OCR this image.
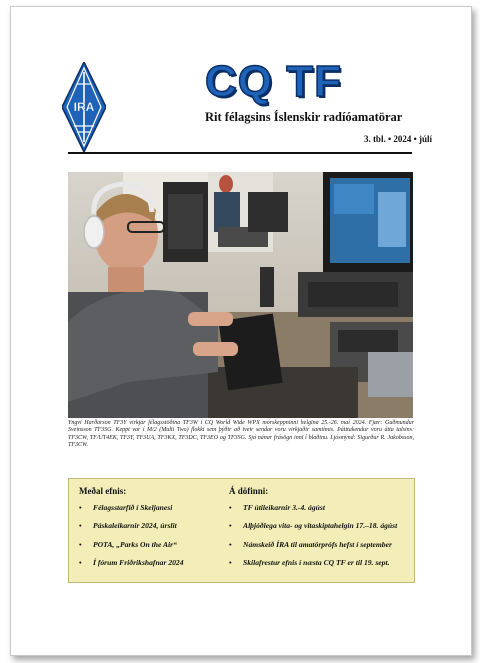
IRA
CQ TF
Rit félagsins Íslenskir radíóamatörar
3. tbl. • 2024 • júlí
Yngvi Harðarson TF3Y virkjar félagsstöðina TF3W í CQ World Wide WPX morskeppninni helgina 25.-26. maí 2024. Fjær: Guðmundur Sveinsson TF3SG. Keppt var í M/2 (Multi Two) flokki sem þýðir að tveir sendar voru virkjaðir samtímis. Þátttakendur voru átta talsins: TF3CW, TF/UT4EK, TF3Y, TF3UA, TF3KX, TF3DC, TF3EO og TF3SG. Sjá nánar frásögn inni í blaðinu. Ljósmynd: Sigurður R. Jakobsson, TF3CW.
Meðal efnis:
• Félagsstarfið í Skeljanesi
• Páskaleikarnir 2024, úrslit
• POTA, „Parks On the Air“
• Í fórum Friðrikshafnar 2024
Á döfinni:
• TF útileikarnir 3.-4. ágúst
• Alþjóðlega vita- og vitaskiptahelgin 17.–18. ágúst
• Námskeið ÍRA til amatörprófs hefst í september
• Skilafrestur efnis í næsta CQ TF er til 19. sept.
